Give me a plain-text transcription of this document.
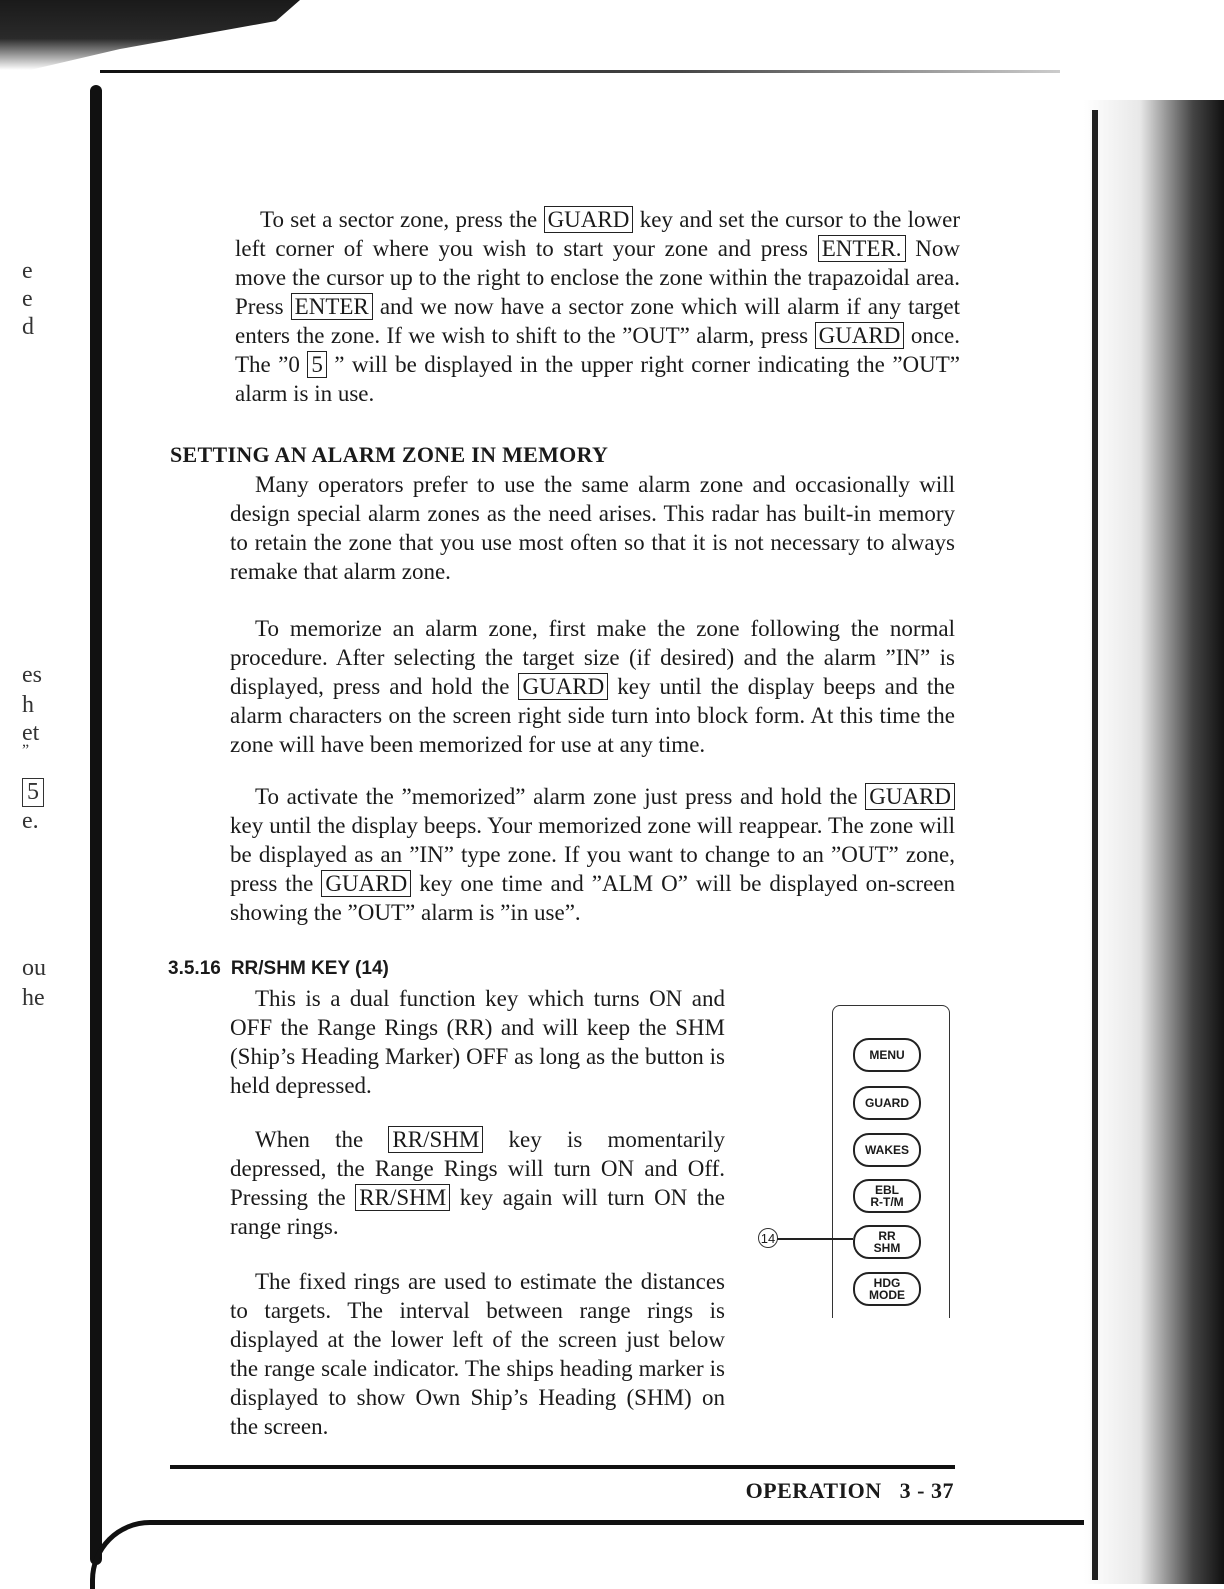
e
e
d
es
h
et
”
5
e.
ou
he

To set a sector zone, press the GUARD key and set the cursor to the lower left corner of where you wish to start your zone and press ENTER. Now move the cursor up to the right to enclose the zone within the trapazoidal area. Press ENTER and we now have a sector zone which will alarm if any target enters the zone. If we wish to shift to the ”OUT” alarm, press GUARD once. The ”0 5 ” will be displayed in the upper right corner indicating the ”OUT” alarm is in use.

SETTING AN ALARM ZONE IN MEMORY

Many operators prefer to use the same alarm zone and occasionally will design special alarm zones as the need arises. This radar has built-in memory to retain the zone that you use most often so that it is not necessary to always remake that alarm zone.

To memorize an alarm zone, first make the zone following the normal procedure. After selecting the target size (if desired) and the alarm ”IN” is displayed, press and hold the GUARD key until the display beeps and the alarm characters on the screen right side turn into block form. At this time the zone will have been memorized for use at any time.

To activate the ”memorized” alarm zone just press and hold the GUARD key until the display beeps. Your memorized zone will reappear. The zone will be displayed as an ”IN” type zone. If you want to change to an ”OUT” zone, press the GUARD key one time and ”ALM O” will be displayed on-screen showing the ”OUT” alarm is ”in use”.

3.5.16 RR/SHM KEY (14)

This is a dual function key which turns ON and OFF the Range Rings (RR) and will keep the SHM (Ship’s Heading Marker) OFF as long as the button is held depressed.

When the RR/SHM key is momentarily depressed, the Range Rings will turn ON and Off. Pressing the RR/SHM key again will turn ON the range rings.

The fixed rings are used to estimate the distances to targets. The interval between range rings is displayed at the lower left of the screen just below the range scale indicator. The ships heading marker is displayed to show Own Ship’s Heading (SHM) on the screen.

MENU
GUARD
WAKES
EBL
R-T/M
RR
SHM
HDG
MODE
14
OPERATION 3 - 37
